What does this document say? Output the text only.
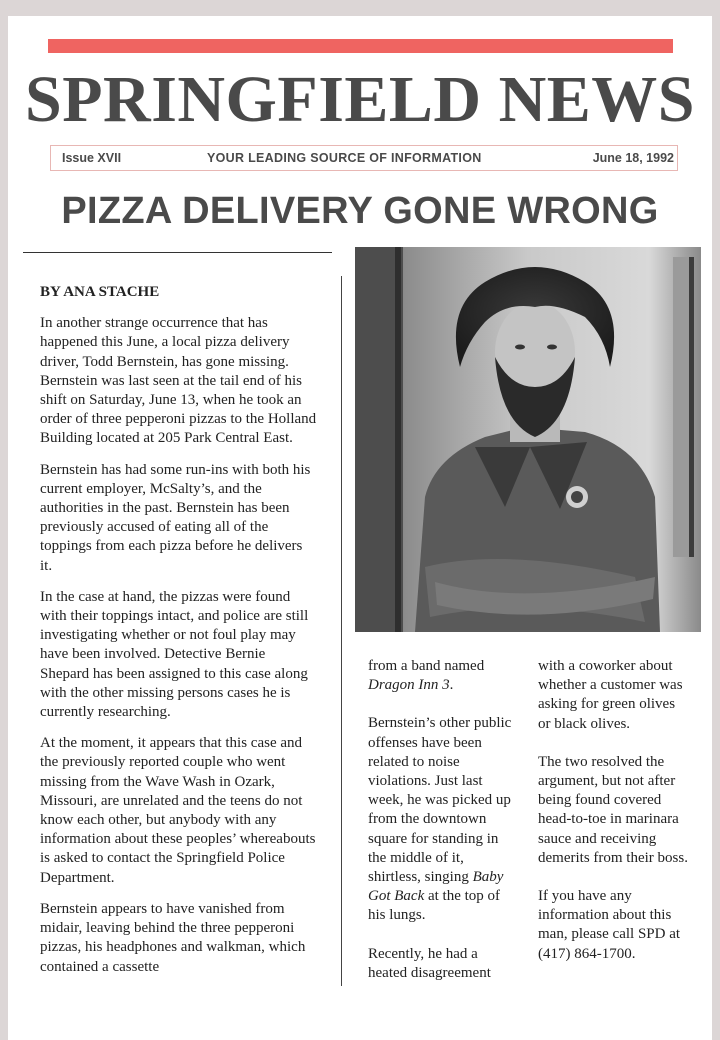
SPRINGFIELD NEWS
Issue XVII	YOUR LEADING SOURCE OF INFORMATION	June 18, 1992
PIZZA DELIVERY GONE WRONG

BY ANA STACHE

In another strange occurrence that has happened this June, a local pizza delivery driver, Todd Bernstein, has gone missing. Bernstein was last seen at the tail end of his shift on Saturday, June 13, when he took an order of three pepperoni pizzas to the Holland Building located at 205 Park Central East.

Bernstein has had some run-ins with both his current employer, McSalty’s, and the authorities in the past. Bernstein has been previously accused of eating all of the toppings from each pizza before he delivers it.

In the case at hand, the pizzas were found with their toppings intact, and police are still investigating whether or not foul play may have been involved. Detective Bernie Shepard has been assigned to this case along with the other missing persons cases he is currently researching.

At the moment, it appears that this case and the previously reported couple who went missing from the Wave Wash in Ozark, Missouri, are unrelated and the teens do not know each other, but anybody with any information about these peoples’ whereabouts is asked to contact the Springfield Police Department.

Bernstein appears to have vanished from midair, leaving behind the three pepperoni pizzas, his headphones and walkman, which contained a cassette

from a band named Dragon Inn 3.

Bernstein’s other public offenses have been related to noise violations. Just last week, he was picked up from the downtown square for standing in the middle of it, shirtless, singing Baby Got Back at the top of his lungs.

Recently, he had a heated disagreement

with a coworker about whether a customer was asking for green olives or black olives.

The two resolved the argument, but not after being found covered head-to-toe in marinara sauce and receiving demerits from their boss.

If you have any information about this man, please call SPD at (417) 864-1700.
